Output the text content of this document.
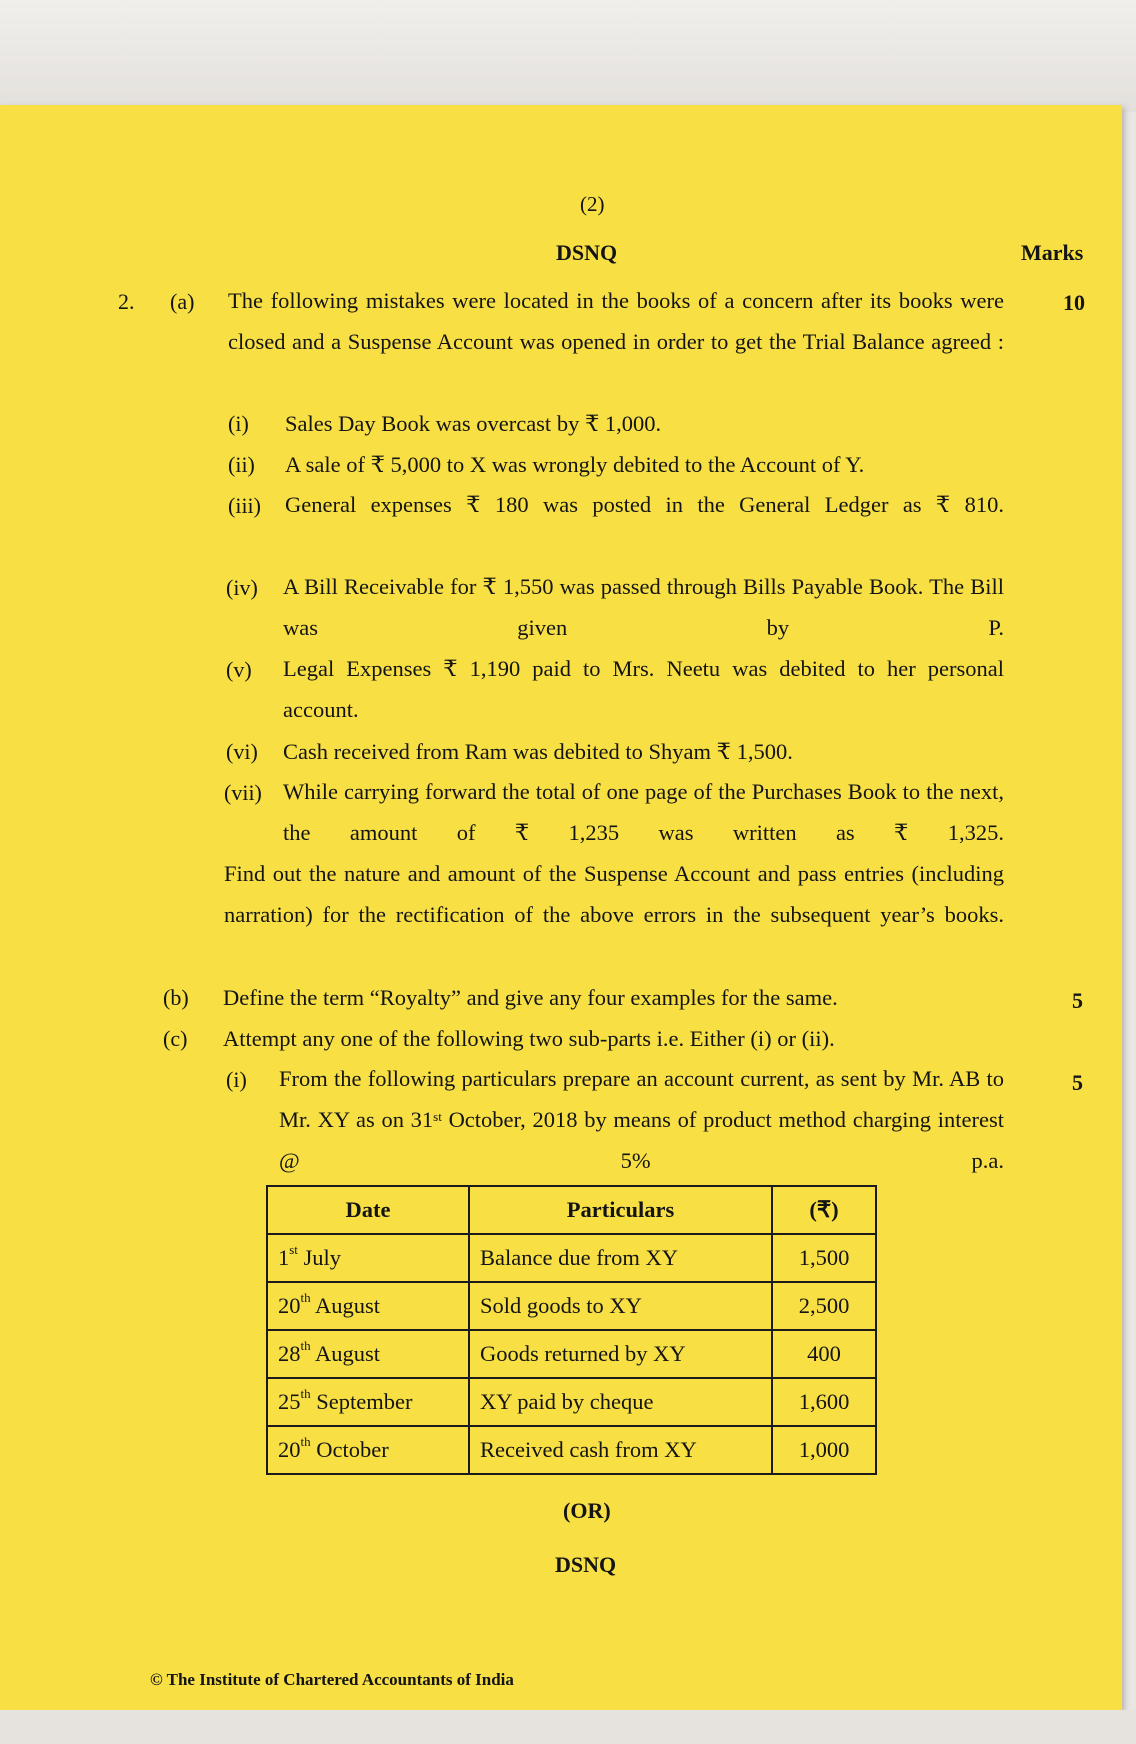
(2)
DSNQ	Marks
2. (a) The following mistakes were located in the books of a concern after its books were closed and a Suspense Account was opened in order to get the Trial Balance agreed :
10
(i) Sales Day Book was overcast by ₹ 1,000.
(ii) A sale of ₹ 5,000 to X was wrongly debited to the Account of Y.
(iii) General expenses ₹ 180 was posted in the General Ledger as ₹ 810.
(iv) A Bill Receivable for ₹ 1,550 was passed through Bills Payable Book. The Bill was given by P.
(v) Legal Expenses ₹ 1,190 paid to Mrs. Neetu was debited to her personal account.
(vi) Cash received from Ram was debited to Shyam ₹ 1,500.
(vii) While carrying forward the total of one page of the Purchases Book to the next, the amount of ₹ 1,235 was written as ₹ 1,325.
Find out the nature and amount of the Suspense Account and pass entries (including narration) for the rectification of the above errors in the subsequent year’s books.
(b) Define the term “Royalty” and give any four examples for the same.	5
(c) Attempt any one of the following two sub-parts i.e. Either (i) or (ii).
(i) From the following particulars prepare an account current, as sent by Mr. AB to Mr. XY as on 31st October, 2018 by means of product method charging interest @ 5% p.a.
5
Date	Particulars	(₹)
1st July	Balance due from XY	1,500
20th August	Sold goods to XY	2,500
28th August	Goods returned by XY	400
25th September	XY paid by cheque	1,600
20th October	Received cash from XY	1,000
(OR)
DSNQ
© The Institute of Chartered Accountants of India
